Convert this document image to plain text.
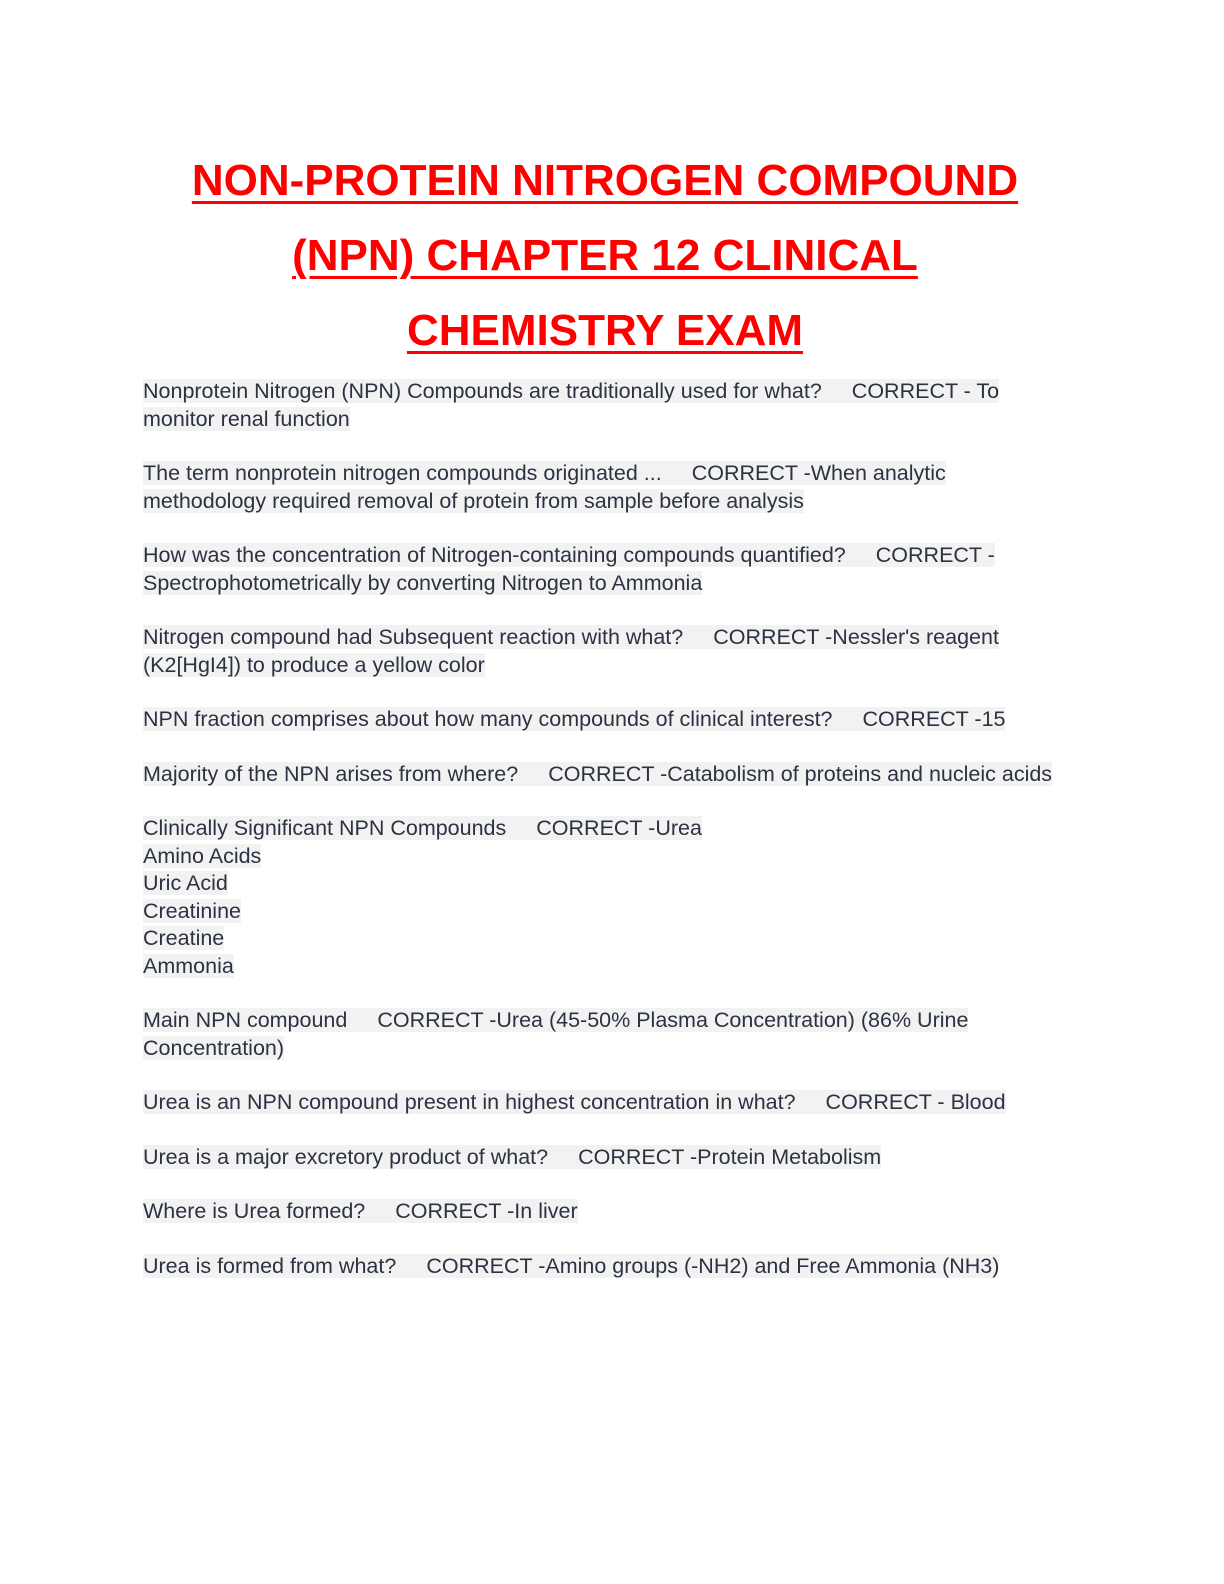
NON-PROTEIN NITROGEN COMPOUND
(NPN) CHAPTER 12 CLINICAL
CHEMISTRY EXAM

Nonprotein Nitrogen (NPN) Compounds are traditionally used for what? CORRECT - To monitor renal function

The term nonprotein nitrogen compounds originated ... CORRECT -When analytic methodology required removal of protein from sample before analysis

How was the concentration of Nitrogen-containing compounds quantified? CORRECT -Spectrophotometrically by converting Nitrogen to Ammonia

Nitrogen compound had Subsequent reaction with what? CORRECT -Nessler's reagent (K2[HgI4]) to produce a yellow color

NPN fraction comprises about how many compounds of clinical interest? CORRECT -15

Majority of the NPN arises from where? CORRECT -Catabolism of proteins and nucleic acids

Clinically Significant NPN Compounds CORRECT -Urea
Amino Acids
Uric Acid
Creatinine
Creatine
Ammonia

Main NPN compound CORRECT -Urea (45-50% Plasma Concentration) (86% Urine Concentration)

Urea is an NPN compound present in highest concentration in what? CORRECT - Blood

Urea is a major excretory product of what? CORRECT -Protein Metabolism

Where is Urea formed? CORRECT -In liver

Urea is formed from what? CORRECT -Amino groups (-NH2) and Free Ammonia (NH3)
